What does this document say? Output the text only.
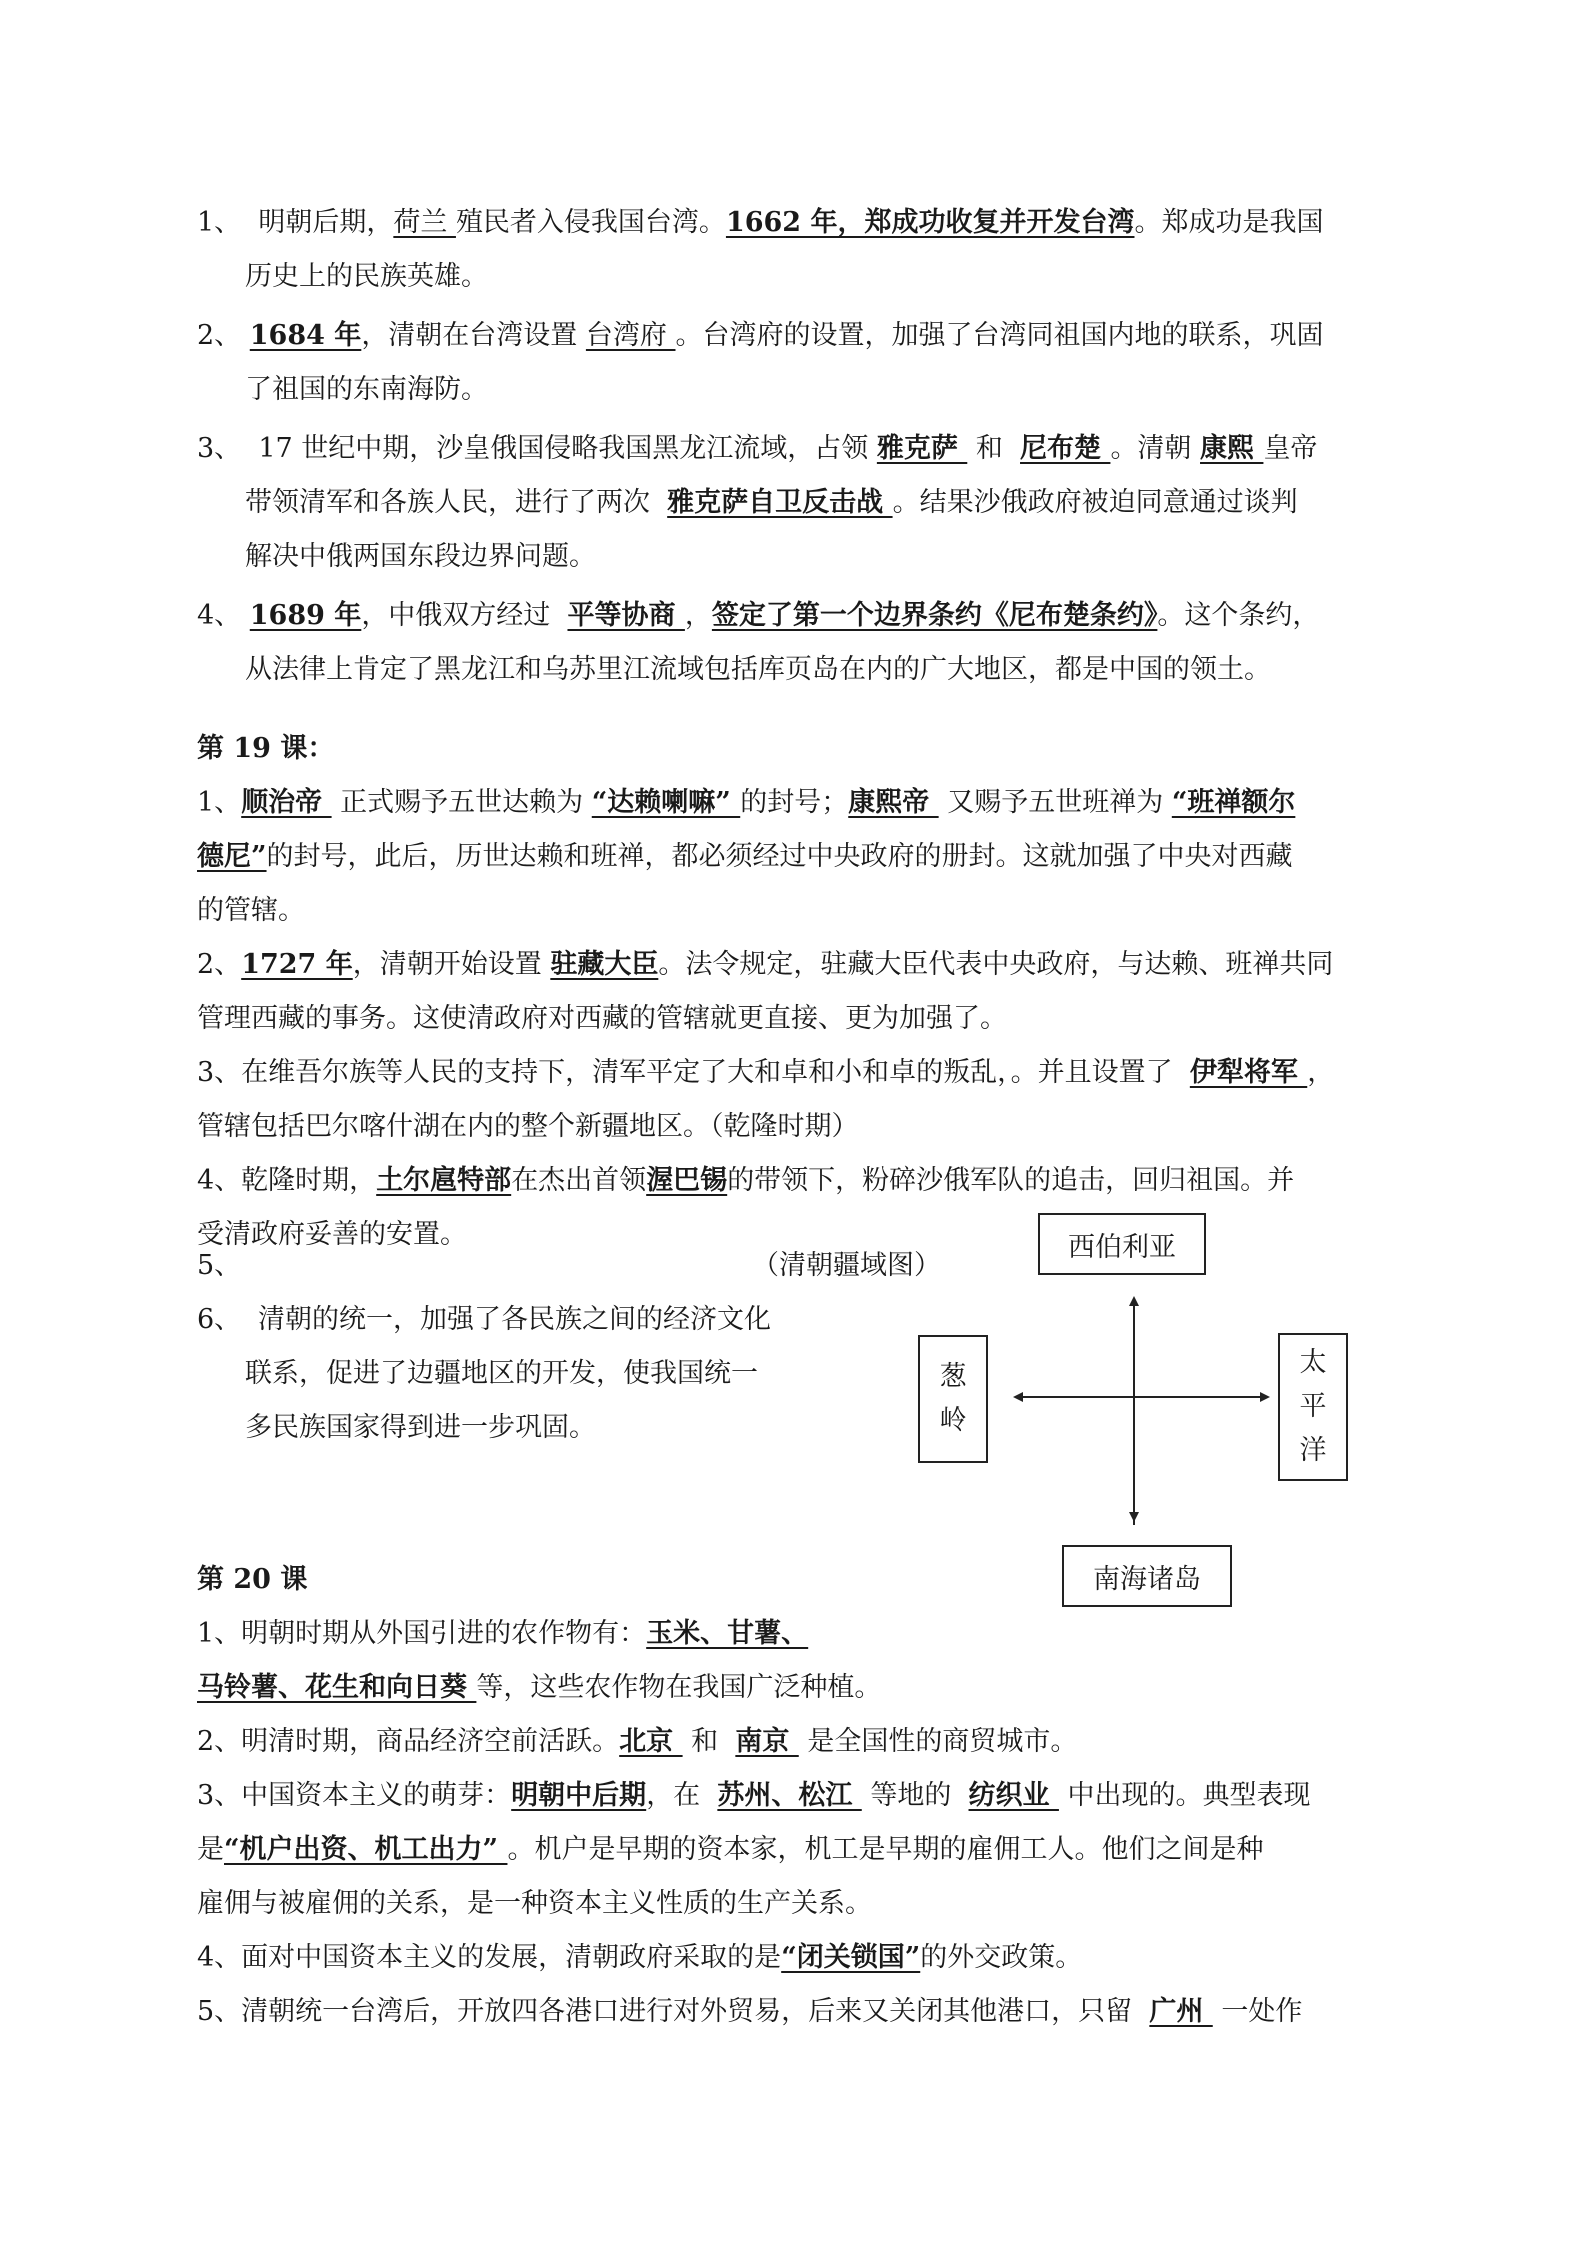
1、  明朝后期，荷兰 殖民者入侵我国台湾。1662 年，郑成功收复并开发台湾。郑成功是我国
历史上的民族英雄。
2、 1684 年，清朝在台湾设置 台湾府 。台湾府的设置，加强了台湾同祖国内地的联系，巩固
了祖国的东南海防。
3、  17 世纪中期，沙皇俄国侵略我国黑龙江流域，占领 雅克萨  和  尼布楚 。清朝 康熙 皇帝
带领清军和各族人民，进行了两次  雅克萨自卫反击战 。结果沙俄政府被迫同意通过谈判
解决中俄两国东段边界问题。
4、 1689 年，中俄双方经过  平等协商 ，签定了第一个边界条约《尼布楚条约》。这个条约，
从法律上肯定了黑龙江和乌苏里江流域包括库页岛在内的广大地区，都是中国的领土。
第 19 课：
1、顺治帝  正式赐予五世达赖为 “达赖喇嘛” 的封号；康熙帝  又赐予五世班禅为 “班禅额尔
德尼”的封号，此后，历世达赖和班禅，都必须经过中央政府的册封。这就加强了中央对西藏
的管辖。
2、1727 年，清朝开始设置 驻藏大臣。法令规定，驻藏大臣代表中央政府，与达赖、班禅共同
管理西藏的事务。这使清政府对西藏的管辖就更直接、更为加强了。
3、在维吾尔族等人民的支持下，清军平定了大和卓和小和卓的叛乱，。并且设置了  伊犁将军 ，
管辖包括巴尔喀什湖在内的整个新疆地区。（乾隆时期）
4、乾隆时期，土尔扈特部在杰出首领渥巴锡的带领下，粉碎沙俄军队的追击，回归祖国。并
受清政府妥善的安置。
5、	（清朝疆域图）
6、 清朝的统一，加强了各民族之间的经济文化
联系，促进了边疆地区的开发，使我国统一
多民族国家得到进一步巩固。
西伯利亚
南海诸岛
葱
岭
太
平
洋
第 20 课
1、明朝时期从外国引进的农作物有：玉米、甘薯、
马铃薯、花生和向日葵 等，这些农作物在我国广泛种植。
2、明清时期，商品经济空前活跃。北京  和  南京  是全国性的商贸城市。
3、中国资本主义的萌芽：明朝中后期，在  苏州、松江  等地的  纺织业  中出现的。典型表现
是“机户出资、机工出力” 。机户是早期的资本家，机工是早期的雇佣工人。他们之间是种
雇佣与被雇佣的关系，是一种资本主义性质的生产关系。
4、面对中国资本主义的发展，清朝政府采取的是“闭关锁国”的外交政策。
5、清朝统一台湾后，开放四各港口进行对外贸易，后来又关闭其他港口，只留  广州  一处作
